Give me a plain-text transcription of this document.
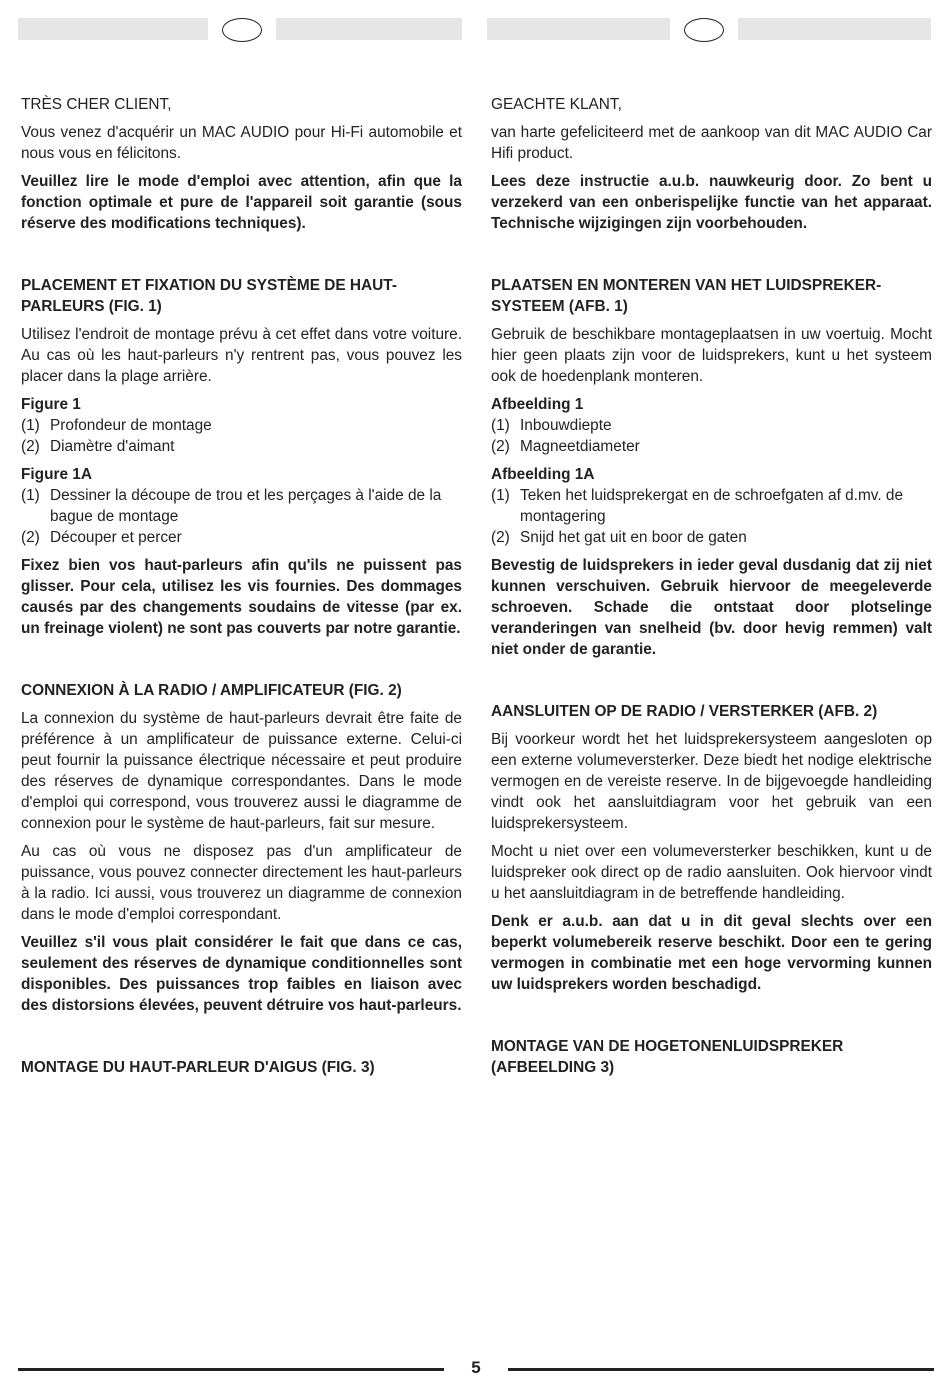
TRÈS CHER CLIENT,

Vous venez d'acquérir un MAC AUDIO pour Hi-Fi automobile et nous vous en félicitons.

Veuillez lire le mode d'emploi avec attention, afin que la fonction optimale et pure de l'appareil soit garantie (sous réserve des modifications techniques).

PLACEMENT ET FIXATION DU SYSTÈME DE HAUT-PARLEURS (FIG. 1)

Utilisez l'endroit de montage prévu à cet effet dans votre voiture. Au cas où les haut-parleurs n'y rentrent pas, vous pouvez les placer dans la plage arrière.

Figure 1
(1) Profondeur de montage
(2) Diamètre d'aimant
Figure 1A
(1) Dessiner la découpe de trou et les perçages à l'aide de la bague de montage
(2) Découper et percer

Fixez bien vos haut-parleurs afin qu'ils ne puissent pas glisser. Pour cela, utilisez les vis fournies. Des dommages causés par des changements soudains de vitesse (par ex. un freinage violent) ne sont pas couverts par notre garantie.

CONNEXION À LA RADIO / AMPLIFICATEUR (FIG. 2)

La connexion du système de haut-parleurs devrait être faite de préférence à un amplificateur de puissance externe. Celui-ci peut fournir la puissance électrique nécessaire et peut produire des réserves de dynamique correspondantes. Dans le mode d'emploi qui correspond, vous trouverez aussi le diagramme de connexion pour le système de haut-parleurs, fait sur mesure.

Au cas où vous ne disposez pas d'un amplificateur de puissance, vous pouvez connecter directement les haut-parleurs à la radio. Ici aussi, vous trouverez un diagramme de connexion dans le mode d'emploi correspondant.

Veuillez s'il vous plait considérer le fait que dans ce cas, seulement des réserves de dynamique conditionnelles sont disponibles. Des puissances trop faibles en liaison avec des distorsions élevées, peuvent détruire vos haut-parleurs.

MONTAGE DU HAUT-PARLEUR D'AIGUS (FIG. 3)

GEACHTE KLANT,

van harte gefeliciteerd met de aankoop van dit MAC AUDIO Car Hifi product.

Lees deze instructie a.u.b. nauwkeurig door. Zo bent u verzekerd van een onberispelijke functie van het apparaat. Technische wijzigingen zijn voorbehouden.

PLAATSEN EN MONTEREN VAN HET LUIDSPREKER-SYSTEEM (AFB. 1)

Gebruik de beschikbare montageplaatsen in uw voertuig. Mocht hier geen plaats zijn voor de luidsprekers, kunt u het systeem ook de hoedenplank monteren.

Afbeelding 1
(1) Inbouwdiepte
(2) Magneetdiameter
Afbeelding 1A
(1) Teken het luidsprekergat en de schroefgaten af d.mv. de montagering
(2) Snijd het gat uit en boor de gaten

Bevestig de luidsprekers in ieder geval dusdanig dat zij niet kunnen verschuiven. Gebruik hiervoor de meegeleverde schroeven. Schade die ontstaat door plotselinge veranderingen van snelheid (bv. door hevig remmen) valt niet onder de garantie.

AANSLUITEN OP DE RADIO / VERSTERKER (AFB. 2)

Bij voorkeur wordt het het luidsprekersysteem aangesloten op een externe volumeversterker. Deze biedt het nodige elektrische vermogen en de vereiste reserve. In de bijgevoegde handleiding vindt ook het aansluitdiagram voor het gebruik van een luidsprekersysteem.

Mocht u niet over een volumeversterker beschikken, kunt u de luidspreker ook direct op de radio aansluiten. Ook hiervoor vindt u het aansluitdiagram in de betreffende handleiding.

Denk er a.u.b. aan dat u in dit geval slechts over een beperkt volumebereik reserve beschikt. Door een te gering vermogen in combinatie met een hoge vervorming kunnen uw luidsprekers worden beschadigd.

MONTAGE VAN DE HOGETONENLUIDSPREKER (AFBEELDING 3)
5
